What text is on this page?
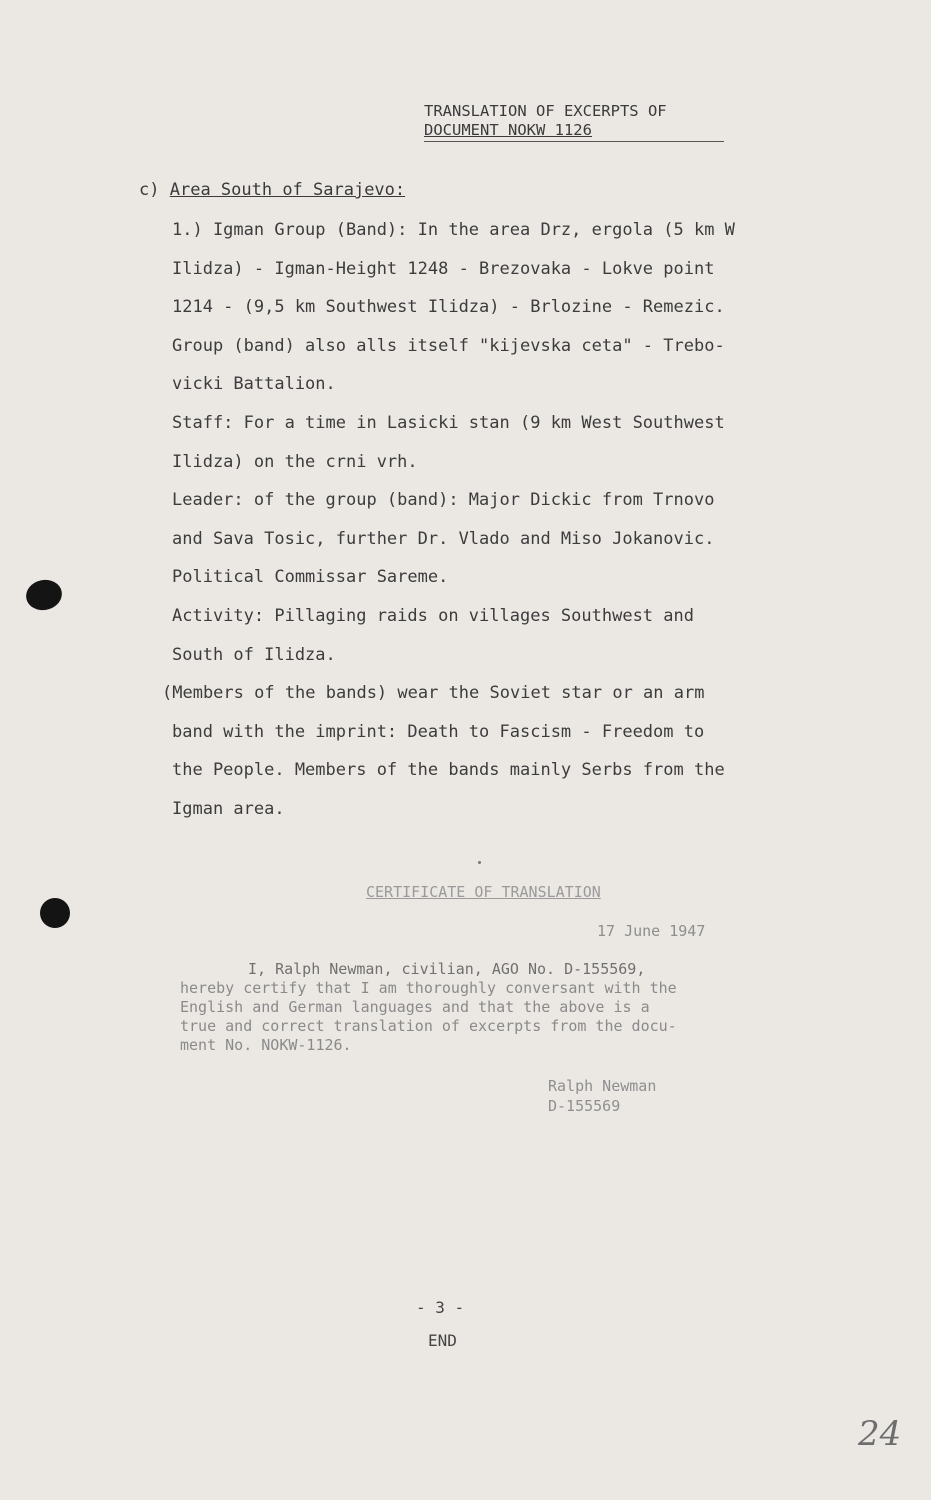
TRANSLATION OF EXCERPTS OF
DOCUMENT NOKW 1126
c) Area South of Sarajevo:
1.) Igman Group (Band): In the area Drz, ergola (5 km W
Ilidza) - Igman-Height 1248 - Brezovaka - Lokve point
1214 - (9,5 km Southwest Ilidza) - Brlozine - Remezic.
Group (band) also alls itself "kijevska ceta" - Trebo-
vicki Battalion.
Staff: For a time in Lasicki stan (9 km West Southwest
Ilidza) on the crni vrh.
Leader: of the group (band): Major Dickic from Trnovo
and Sava Tosic, further Dr. Vlado and Miso Jokanovic.
Political Commissar Sareme.
Activity: Pillaging raids on villages Southwest and
South of Ilidza.
(Members of the bands) wear the Soviet star or an arm
band with the imprint: Death to Fascism - Freedom to
the People. Members of the bands mainly Serbs from the
Igman area.
CERTIFICATE OF TRANSLATION
17 June 1947
I, Ralph Newman, civilian, AGO No. D-155569,
hereby certify that I am thoroughly conversant with the
English and German languages and that the above is a
true and correct translation of excerpts from the docu-
ment No. NOKW-1126.
Ralph Newman
D-155569
- 3 -
END
24
